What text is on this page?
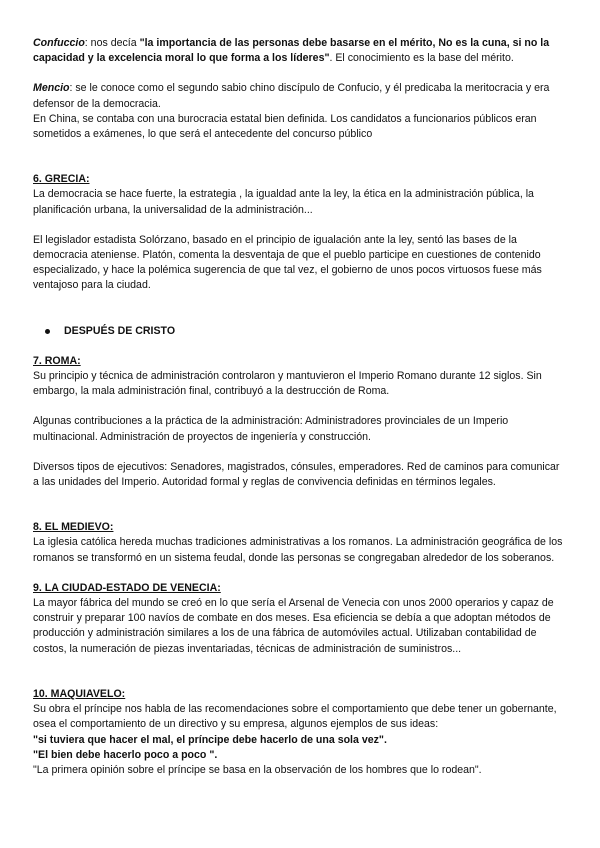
Confuccio: nos decía "la importancia de las personas debe basarse en el mérito, No es la cuna, si no la capacidad y la excelencia moral lo que forma a los líderes". El conocimiento es la base del mérito.

Mencio: se le conoce como el segundo sabio chino discípulo de Confucio, y él predicaba la meritocracia y era defensor de la democracia.

En China, se contaba con una burocracia estatal bien definida. Los candidatos a funcionarios públicos eran sometidos a exámenes, lo que será el antecedente del concurso público

6. GRECIA:

La democracia se hace fuerte, la estrategia , la igualdad ante la ley, la ética en la administración pública, la planificación urbana, la universalidad de la administración...

El legislador estadista Solórzano, basado en el principio de igualación ante la ley, sentó las bases de la democracia ateniense. Platón, comenta la desventaja de que el pueblo participe en cuestiones de contenido especializado, y hace la polémica sugerencia de que tal vez, el gobierno de unos pocos virtuosos fuese más ventajoso para la ciudad.

DESPUÉS DE CRISTO

7. ROMA:

Su principio y técnica de administración controlaron y mantuvieron el Imperio Romano durante 12 siglos. Sin embargo, la mala administración final, contribuyó a la destrucción de Roma.

Algunas contribuciones a la práctica de la administración: Administradores provinciales de un Imperio multinacional. Administración de proyectos de ingeniería y construcción.

Diversos tipos de ejecutivos: Senadores, magistrados, cónsules, emperadores. Red de caminos para comunicar a las unidades del Imperio. Autoridad formal y reglas de convivencia definidas en términos legales.

8. EL MEDIEVO:

La iglesia católica hereda muchas tradiciones administrativas a los romanos. La administración geográfica de los romanos se transformó en un sistema feudal, donde las personas se congregaban alrededor de los soberanos.

9. LA CIUDAD-ESTADO DE VENECIA:

La mayor fábrica del mundo se creó en lo que sería el Arsenal de Venecia con unos 2000 operarios y capaz de construir y preparar 100 navíos de combate en dos meses. Esa eficiencia se debía a que adoptan métodos de producción y administración similares a los de una fábrica de automóviles actual. Utilizaban contabilidad de costos, la numeración de piezas inventariadas, técnicas de administración de suministros...

10. MAQUIAVELO:

Su obra el príncipe nos habla de las recomendaciones sobre el comportamiento que debe tener un gobernante, osea el comportamiento de un directivo y su empresa, algunos ejemplos de sus ideas:

"si tuviera que hacer el mal, el príncipe debe hacerlo de una sola vez".

"El bien debe hacerlo poco a poco ".

"La primera opinión sobre el príncipe se basa en la observación de los hombres que lo rodean".
